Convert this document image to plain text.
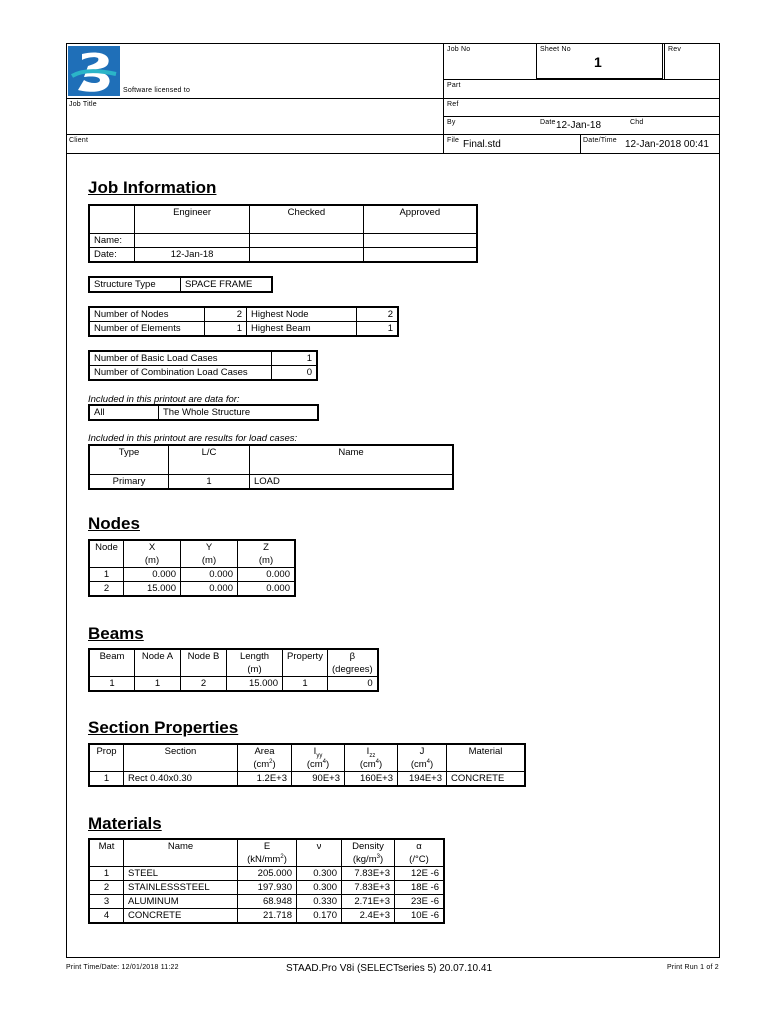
Software licensed to
Job No	Sheet No
1
Rev
Part
Job Title	Ref
By	Date 12-Jan-18	Chd
Client	File Final.std	Date/Time 12-Jan-2018 00:41
Job Information
	Engineer	Checked	Approved
Name:			
Date:	12-Jan-18		
Structure Type	SPACE FRAME
Number of Nodes	2	Highest Node	2
Number of Elements	1	Highest Beam	1
Number of Basic Load Cases	1
Number of Combination Load Cases	0
Included in this printout are data for:
All	The Whole Structure
Included in this printout are results for load cases:
Type	L/C	Name
Primary	1	LOAD
Nodes
Node	X	Y	Z
	(m)	(m)	(m)
1	0.000	0.000	0.000
2	15.000	0.000	0.000
Beams
Beam	Node A	Node B	Length	Property	β
			(m)		(degrees)
1	1	2	15.000	1	0
Section Properties
Prop	Section	Area	$I_{yy}$	$I_{zz}$	J	Material
		$(cm^2)$	$(cm^4)$	$(cm^4)$	$(cm^4)$	
1	Rect 0.40x0.30	1.2E+3	90E+3	160E+3	194E+3	CONCRETE
Materials
Mat	Name	E	ν	Density	α
		$(kN/mm^2)$		$(kg/m^3)$	(/°C)
1	STEEL	205.000	0.300	7.83E+3	12E -6
2	STAINLESSSTEEL	197.930	0.300	7.83E+3	18E -6
3	ALUMINUM	68.948	0.330	2.71E+3	23E -6
4	CONCRETE	21.718	0.170	2.4E+3	10E -6
Print Time/Date: 12/01/2018 11:22	STAAD.Pro V8i (SELECTseries 5) 20.07.10.41	Print Run 1 of 2
